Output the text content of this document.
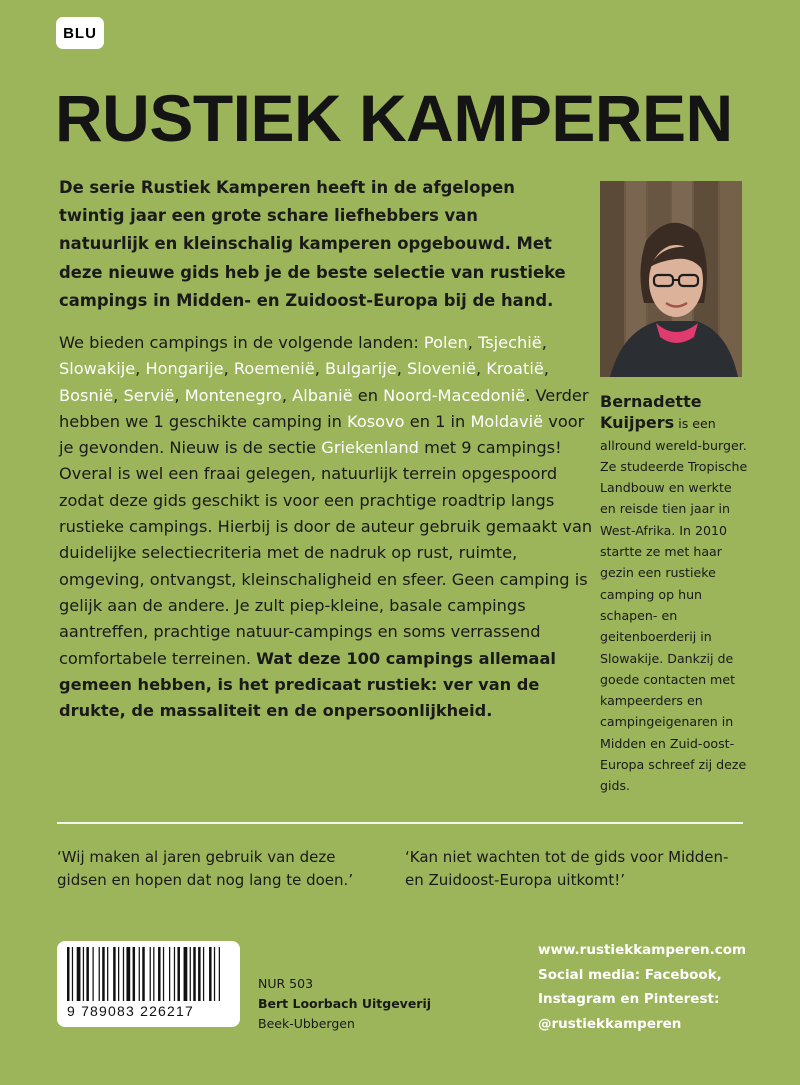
BLU
RUSTIEK KAMPEREN

De serie Rustiek Kamperen heeft in de afgelopen twintig jaar een grote schare liefhebbers van natuurlijk en kleinschalig kamperen opgebouwd. Met deze nieuwe gids heb je de beste selectie van rustieke campings in Midden- en Zuidoost-Europa bij de hand.

We bieden campings in de volgende landen: Polen, Tsjechië, Slowakije, Hongarije, Roemenië, Bulgarije, Slovenië, Kroatië, Bosnië, Servië, Montenegro, Albanië en Noord-Macedonië. Verder hebben we 1 geschikte camping in Kosovo en 1 in Moldavië voor je gevonden. Nieuw is de sectie Griekenland met 9 campings! Overal is wel een fraai gelegen, natuurlijk terrein opgespoord zodat deze gids geschikt is voor een prachtige roadtrip langs rustieke campings. Hierbij is door de auteur gebruik gemaakt van duidelijke selectiecriteria met de nadruk op rust, ruimte, omgeving, ontvangst, kleinschaligheid en sfeer. Geen camping is gelijk aan de andere. Je zult piep-kleine, basale campings aantreffen, prachtige natuur-campings en soms verrassend comfortabele terreinen. Wat deze 100 campings allemaal gemeen hebben, is het predicaat rustiek: ver van de drukte, de massaliteit en de onpersoonlijkheid.

Bernadette Kuijpers is een allround wereld-burger. Ze studeerde Tropische Landbouw en werkte en reisde tien jaar in West-Afrika. In 2010 startte ze met haar gezin een rustieke camping op hun schapen- en geitenboerderij in Slowakije. Dankzij de goede contacten met kampeerders en campingeigenaren in Midden en Zuid-oost-Europa schreef zij deze gids.

‘Wij maken al jaren gebruik van deze gidsen en hopen dat nog lang te doen.’

‘Kan niet wachten tot de gids voor Midden- en Zuidoost-Europa uitkomt!’

9 789083 226217
NUR 503
Bert Loorbach Uitgeverij
Beek-Ubbergen
www.rustiekkamperen.com
Social media: Facebook, Instagram en Pinterest:
@rustiekkamperen
